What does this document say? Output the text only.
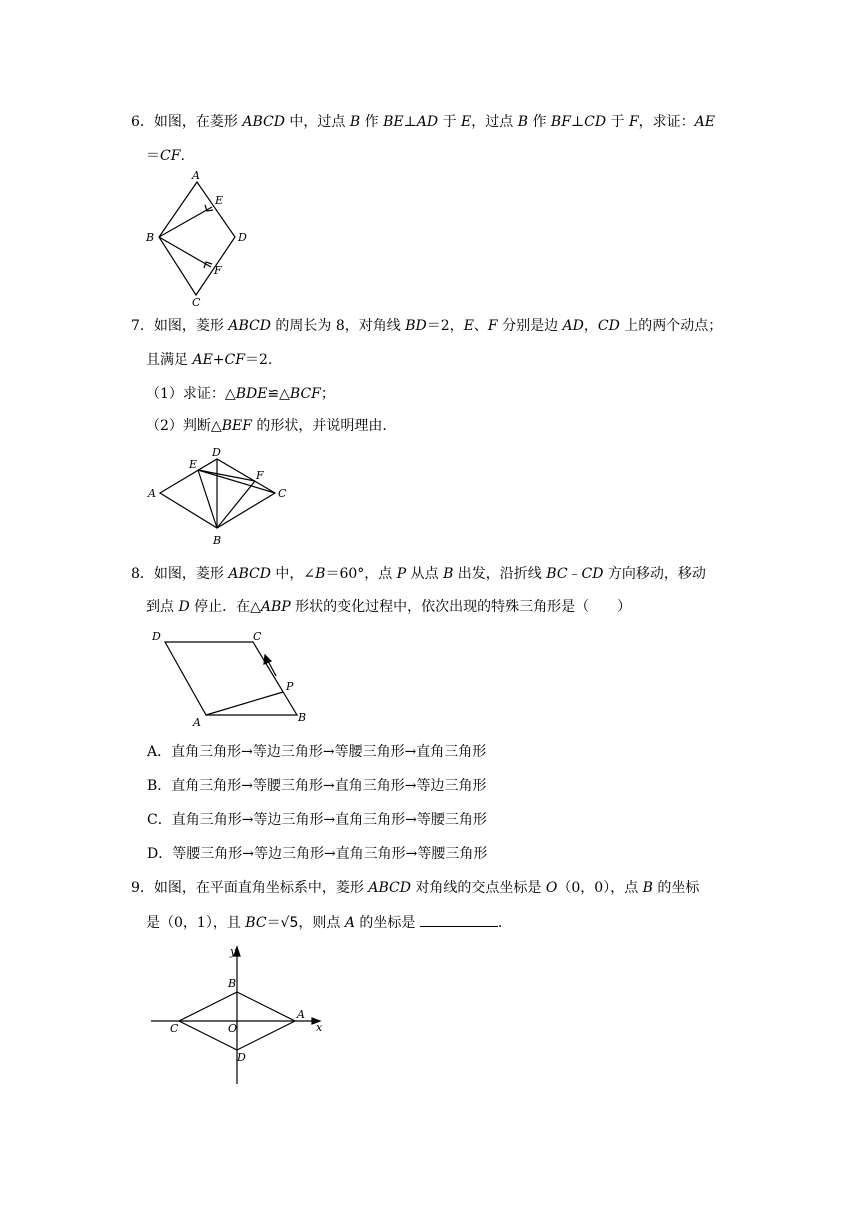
6．如图，在菱形 ABCD 中，过点 B 作 BE⊥AD 于 E，过点 B 作 BF⊥CD 于 F，求证：AE
＝CF.
A
B
C
D
E
F
7．如图，菱形 ABCD 的周长为 8，对角线 BD＝2，E、F 分别是边 AD，CD 上的两个动点；
且满足 AE+CF＝2.
（1）求证：△BDE≌△BCF；
（2）判断△BEF 的形状，并说明理由.
D
E
F
A	C
B
8．如图，菱形 ABCD 中，∠B＝60°，点 P 从点 B 出发，沿折线 BC﹣CD 方向移动，移动
到点 D 停止．在△ABP 形状的变化过程中，依次出现的特殊三角形是（　　）
D	C
P
A	B
A．直角三角形→等边三角形→等腰三角形→直角三角形
B．直角三角形→等腰三角形→直角三角形→等边三角形
C．直角三角形→等边三角形→直角三角形→等腰三角形
D．等腰三角形→等边三角形→直角三角形→等腰三角形
9．如图，在平面直角坐标系中，菱形 ABCD 对角线的交点坐标是 O（0，0），点 B 的坐标
是（0，1），且 BC＝√5，则点 A 的坐标是	.
y
B
C	O
A
x
D
